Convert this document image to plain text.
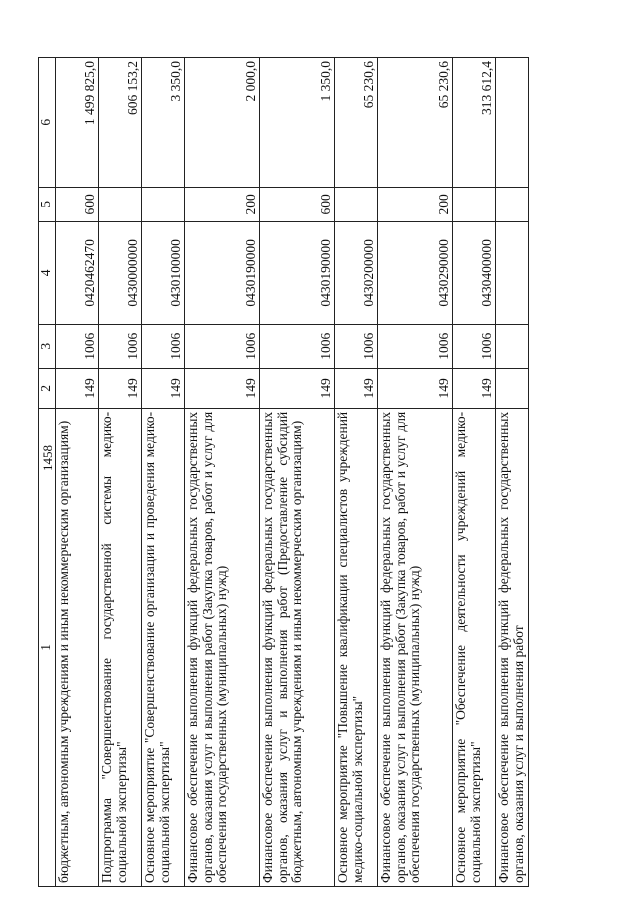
1458
1	2	3	4	5	6
бюджетным, автономным учреждениям и иным некоммерческим организациям)	149	1006	0420462470	600	1 499 825,0
Подпрограмма "Совершенствование государственной системы медико-социальной экспертизы"	149	1006	0430000000		606 153,2
Основное мероприятие "Совершенствование организации и проведения медико-социальной экспертизы"	149	1006	0430100000		3 350,0
Финансовое обеспечение выполнения функций федеральных государственных органов, оказания услуг и выполнения работ (Закупка товаров, работ и услуг для обеспечения государственных (муниципальных) нужд)	149	1006	0430190000	200	2 000,0
Финансовое обеспечение выполнения функций федеральных государственных органов, оказания услуг и выполнения работ (Предоставление субсидий бюджетным, автономным учреждениям и иным некоммерческим организациям)	149	1006	0430190000	600	1 350,0
Основное мероприятие "Повышение квалификации специалистов учреждений медико-социальной экспертизы"	149	1006	0430200000		65 230,6
Финансовое обеспечение выполнения функций федеральных государственных органов, оказания услуг и выполнения работ (Закупка товаров, работ и услуг для обеспечения государственных (муниципальных) нужд)	149	1006	0430290000	200	65 230,6
Основное мероприятие "Обеспечение деятельности учреждений медико-социальной экспертизы"	149	1006	0430400000		313 612,4
Финансовое обеспечение выполнения функций федеральных государственных органов, оказания услуг и выполнения работ					
